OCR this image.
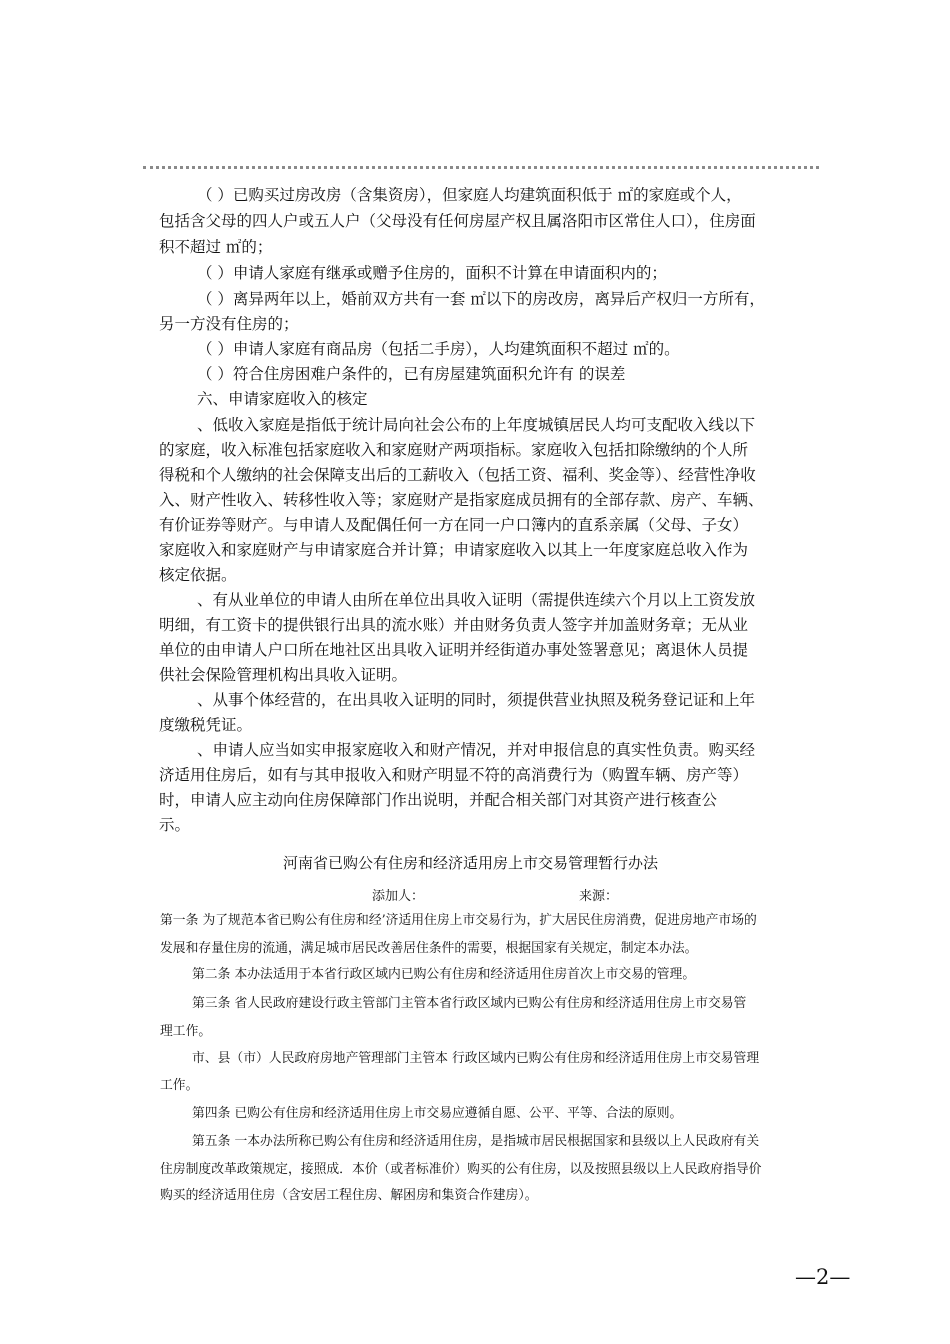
（ ）已购买过房改房（含集资房），但家庭人均建筑面积低于 ㎡的家庭或个人，
包括含父母的四人户或五人户（父母没有任何房屋产权且属洛阳市区常住人口），住房面
积不超过 ㎡的；
（ ）申请人家庭有继承或赠予住房的，面积不计算在申请面积内的；
（ ）离异两年以上，婚前双方共有一套 ㎡以下的房改房，离异后产权归一方所有，
另一方没有住房的；
（ ）申请人家庭有商品房（包括二手房），人均建筑面积不超过 ㎡的。
（ ）符合住房困难户条件的，已有房屋建筑面积允许有 的误差
六、申请家庭收入的核定
、低收入家庭是指低于统计局向社会公布的上年度城镇居民人均可支配收入线以下
的家庭，收入标准包括家庭收入和家庭财产两项指标。家庭收入包括扣除缴纳的个人所
得税和个人缴纳的社会保障支出后的工薪收入（包括工资、福利、奖金等）、经营性净收
入、财产性收入、转移性收入等；家庭财产是指家庭成员拥有的全部存款、房产、车辆、
有价证券等财产。与申请人及配偶任何一方在同一户口簿内的直系亲属（父母、子女）
家庭收入和家庭财产与申请家庭合并计算；申请家庭收入以其上一年度家庭总收入作为
核定依据。
、有从业单位的申请人由所在单位出具收入证明（需提供连续六个月以上工资发放
明细，有工资卡的提供银行出具的流水账）并由财务负责人签字并加盖财务章；无从业
单位的由申请人户口所在地社区出具收入证明并经街道办事处签署意见；离退休人员提
供社会保险管理机构出具收入证明。
、从事个体经营的，在出具收入证明的同时，须提供营业执照及税务登记证和上年
度缴税凭证。
、申请人应当如实申报家庭收入和财产情况，并对申报信息的真实性负责。购买经
济适用住房后，如有与其申报收入和财产明显不符的高消费行为（购置车辆、房产等）
时，申请人应主动向住房保障部门作出说明，并配合相关部门对其资产进行核查公
示。
河南省已购公有住房和经济适用房上市交易管理暂行办法
添加人：	来源：
第一条 为了规范本省已购公有住房和经’济适用住房上市交易行为，扩大居民住房消费，促进房地产市场的
发展和存量住房的流通，满足城市居民改善居住条件的需要，根据国家有关规定，制定本办法。
第二条 本办法适用于本省行政区域内已购公有住房和经济适用住房首次上市交易的管理。
第三条 省人民政府建设行政主管部门主管本省行政区域内已购公有住房和经济适用住房上市交易管
理工作。
市、县（市）人民政府房地产管理部门主管本 行政区域内已购公有住房和经济适用住房上市交易管理
工作。
第四条 已购公有住房和经济适用住房上市交易应遵循自愿、公平、平等、合法的原则。
第五条 一本办法所称已购公有住房和经济适用住房，是指城市居民根据国家和县级以上人民政府有关
住房制度改革政策规定，接照成．本价（或者标准价）购买的公有住房，以及按照县级以上人民政府指导价
购买的经济适用住房（含安居工程住房、解困房和集资合作建房）。
—2—
